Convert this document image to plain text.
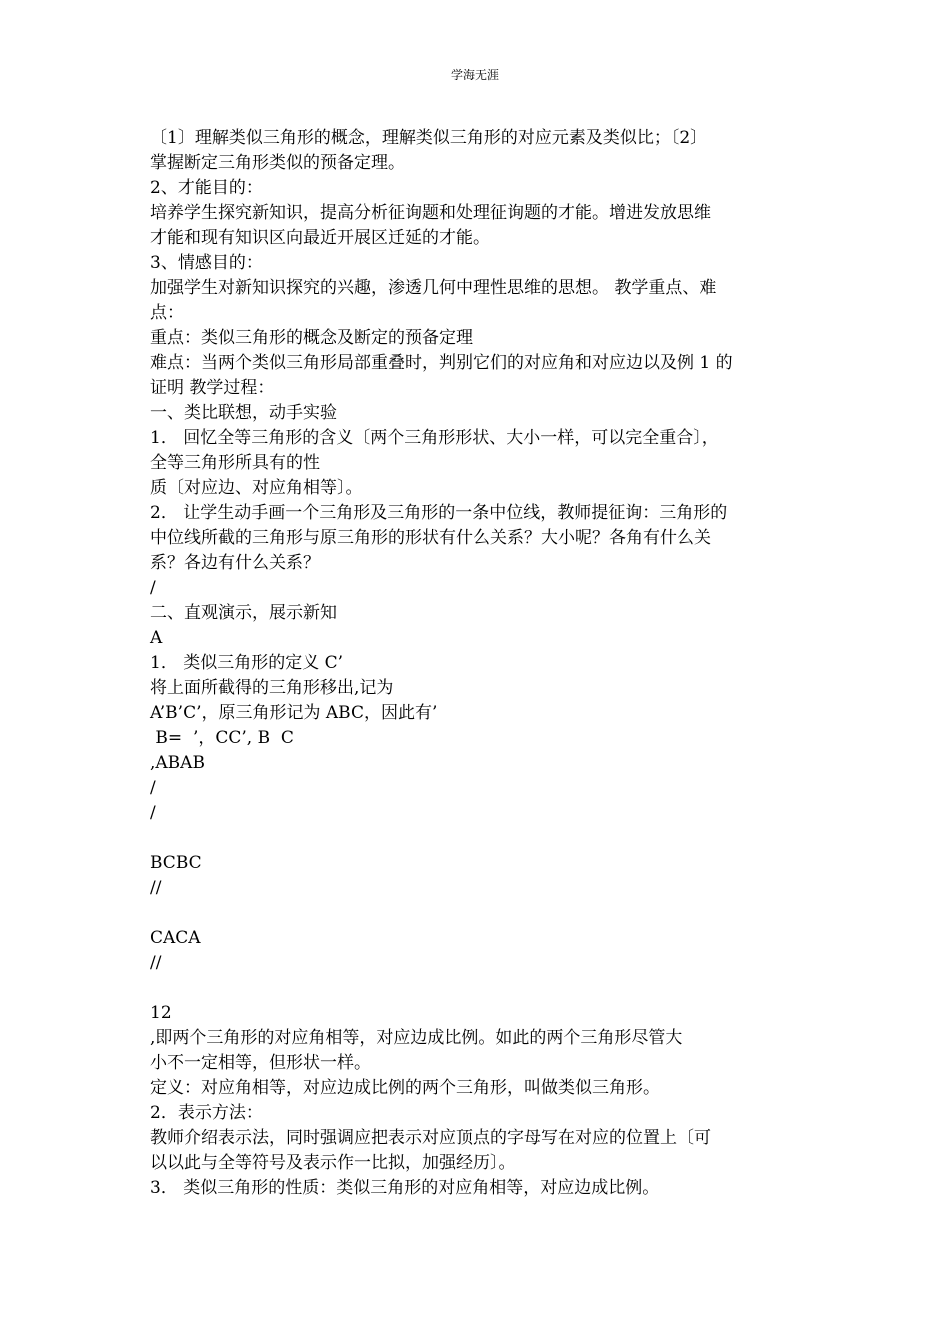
学海无涯

〔1〕理解类似三角形的概念，理解类似三角形的对应元素及类似比；〔2〕

掌握断定三角形类似的预备定理。

2、才能目的：

培养学生探究新知识，提高分析征询题和处理征询题的才能。增进发放思维

才能和现有知识区向最近开展区迁延的才能。

3、情感目的：

加强学生对新知识探究的兴趣，渗透几何中理性思维的思想。 教学重点、难

点：

重点：类似三角形的概念及断定的预备定理

难点：当两个类似三角形局部重叠时，判别它们的对应角和对应边以及例 1 的

证明 教学过程：

一、类比联想，动手实验

1． 回忆全等三角形的含义〔两个三角形形状、大小一样，可以完全重合〕，

全等三角形所具有的性

质〔对应边、对应角相等〕。

2． 让学生动手画一个三角形及三角形的一条中位线，教师提征询：三角形的

中位线所截的三角形与原三角形的形状有什么关系？大小呢？各角有什么关

系？各边有什么关系？

/

二、直观演示，展示新知

A

1． 类似三角形的定义 C’

将上面所截得的三角形移出,记为

A’B’C’，原三角形记为 ABC，因此有’

B=  ’，CC’, B  C

,ABAB

/

/

BCBC

//

CACA

//

12

,即两个三角形的对应角相等，对应边成比例。如此的两个三角形尽管大

小不一定相等，但形状一样。

定义：对应角相等，对应边成比例的两个三角形，叫做类似三角形。

2．表示方法：

教师介绍表示法，同时强调应把表示对应顶点的字母写在对应的位置上〔可

以以此与全等符号及表示作一比拟，加强经历〕。

3． 类似三角形的性质：类似三角形的对应角相等，对应边成比例。
